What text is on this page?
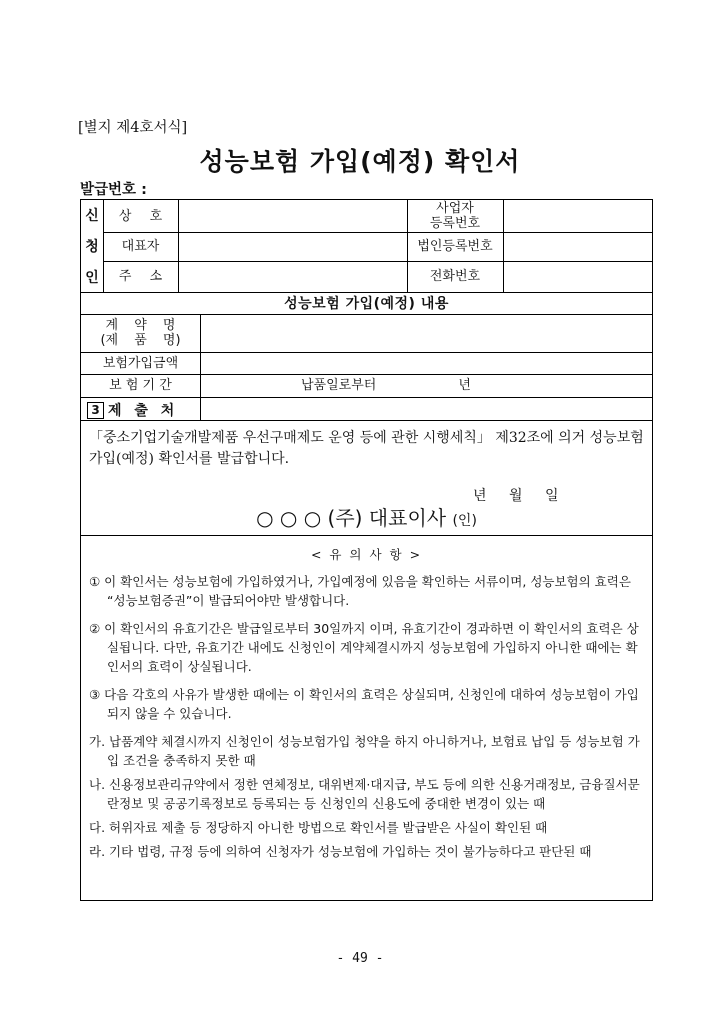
[별지 제4호서식]
성능보험 가입(예정) 확인서
발급번호 :
신
청
인
상 호	사업자
등록번호
대표자	법인등록번호
주 소	전화번호
성능보험 가입(예정) 내용
계 약 명
(제 품 명)
보험가입금액
보 험 기 간	납품일로부터	년
3 제 출 처
「중소기업기술개발제품 우선구매제도 운영 등에 관한 시행세칙」 제32조에 의거 성능보험 가입(예정) 확인서를 발급합니다.
년 월 일
○ ○ ○ (주) 대표이사 (인)
< 유 의 사 항 >

① 이 확인서는 성능보험에 가입하였거나, 가입예정에 있음을 확인하는 서류이며, 성능보험의 효력은 “성능보험증권”이 발급되어야만 발생합니다.

② 이 확인서의 유효기간은 발급일로부터 30일까지 이며, 유효기간이 경과하면 이 확인서의 효력은 상실됩니다. 다만, 유효기간 내에도 신청인이 계약체결시까지 성능보험에 가입하지 아니한 때에는 확인서의 효력이 상실됩니다.

③ 다음 각호의 사유가 발생한 때에는 이 확인서의 효력은 상실되며, 신청인에 대하여 성능보험이 가입되지 않을 수 있습니다.

가. 납품계약 체결시까지 신청인이 성능보험가입 청약을 하지 아니하거나, 보험료 납입 등 성능보험 가입 조건을 충족하지 못한 때

나. 신용정보관리규약에서 정한 연체정보, 대위변제·대지급, 부도 등에 의한 신용거래정보, 금융질서문란정보 및 공공기록정보로 등록되는 등 신청인의 신용도에 중대한 변경이 있는 때

다. 허위자료 제출 등 정당하지 아니한 방법으로 확인서를 발급받은 사실이 확인된 때

라. 기타 법령, 규정 등에 의하여 신청자가 성능보험에 가입하는 것이 불가능하다고 판단된 때

- 49 -
